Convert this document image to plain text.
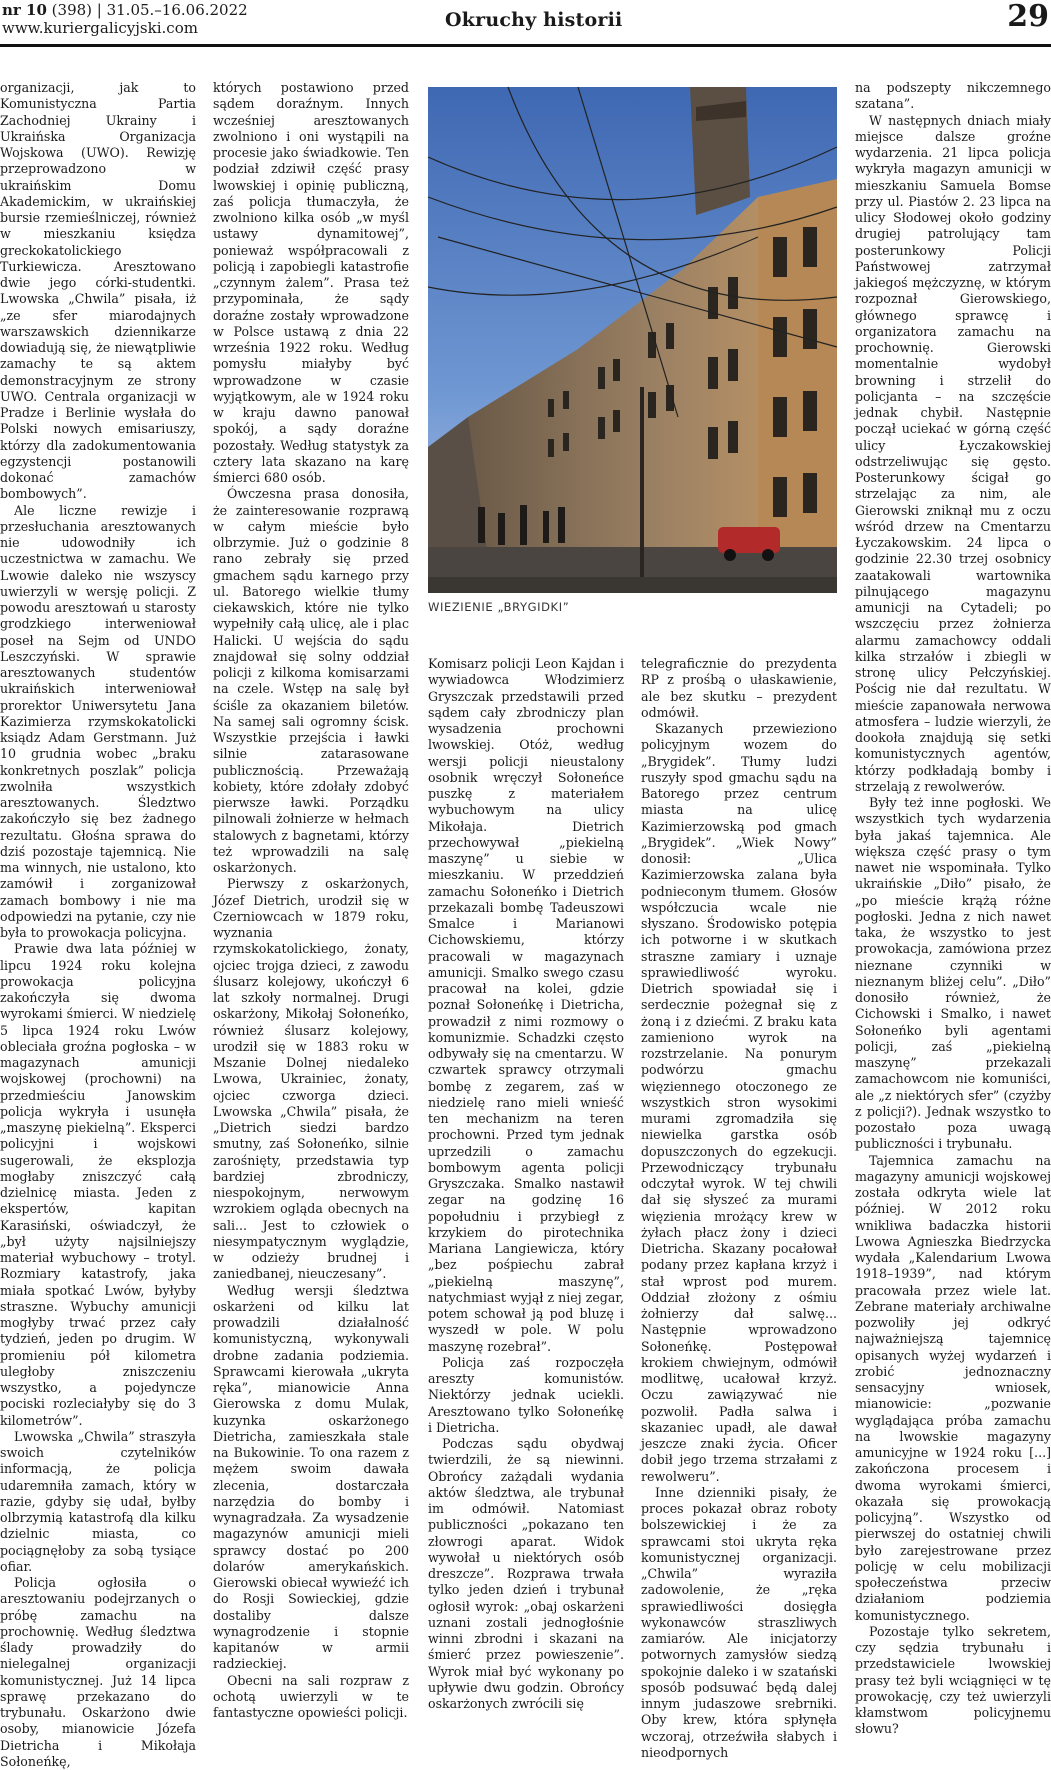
nr 10 (398) | 31.05.–16.06.2022
www.kuriergalicyjski.com	Okruchy historii	29

organizacji, jak to Komunistyczna Partia Zachodniej Ukrainy i Ukraińska Organizacja Wojskowa (UWO). Rewizję przeprowadzono w ukraińskim Domu Akademickim, w ukraińskiej bursie rzemieślniczej, również w mieszkaniu księdza greckokatolickiego Turkiewicza. Aresztowano dwie jego córki-studentki. Lwowska „Chwila” pisała, iż „ze sfer miarodajnych warszawskich dziennikarze dowiadują się, że niewątpliwie zamachy te są aktem demonstracyjnym ze strony UWO. Centrala organizacji w Pradze i Berlinie wysłała do Polski nowych emisariuszy, którzy dla zadokumentowania egzystencji postanowili dokonać zamachów bombowych”.

Ale liczne rewizje i przesłuchania aresztowanych nie udowodniły ich uczestnictwa w zamachu. We Lwowie daleko nie wszyscy uwierzyli w wersję policji. Z powodu aresztowań u starosty grodzkiego interweniował poseł na Sejm od UNDO Leszczyński. W sprawie aresztowanych studentów ukraińskich interweniował prorektor Uniwersytetu Jana Kazimierza rzymskokatolicki ksiądz Adam Gerstmann. Już 10 grudnia wobec „braku konkretnych poszlak” policja zwolniła wszystkich aresztowanych. Śledztwo zakończyło się bez żadnego rezultatu. Głośna sprawa do dziś pozostaje tajemnicą. Nie ma winnych, nie ustalono, kto zamówił i zorganizował zamach bombowy i nie ma odpowiedzi na pytanie, czy nie była to prowokacja policyjna.

Prawie dwa lata później w lipcu 1924 roku kolejna prowokacja policyjna zakończyła się dwoma wyrokami śmierci. W niedzielę 5 lipca 1924 roku Lwów obleciała groźna pogłoska – w magazynach amunicji wojskowej (prochowni) na przedmieściu Janowskim policja wykryła i usunęła „maszynę piekielną”. Eksperci policyjni i wojskowi sugerowali, że eksplozja mogłaby zniszczyć całą dzielnicę miasta. Jeden z ekspertów, kapitan Karasiński, oświadczył, że „był użyty najsilniejszy materiał wybuchowy – trotyl. Rozmiary katastrofy, jaka miała spotkać Lwów, byłyby straszne. Wybuchy amunicji mogłyby trwać przez cały tydzień, jeden po drugim. W promieniu pół kilometra uległoby zniszczeniu wszystko, a pojedyncze pociski rozleciałyby się do 3 kilometrów”.

Lwowska „Chwila” straszyła swoich czytelników informacją, że policja udaremniła zamach, który w razie, gdyby się udał, byłby olbrzymią katastrofą dla kilku dzielnic miasta, co pociągnęłoby za sobą tysiące ofiar.

Policja ogłosiła o aresztowaniu podejrzanych o próbę zamachu na prochownię. Według śledztwa ślady prowadziły do nielegalnej organizacji komunistycznej. Już 14 lipca sprawę przekazano do trybunału. Oskarżono dwie osoby, mianowicie Józefa Dietricha i Mikołaja Sołoneńkę,

których postawiono przed sądem doraźnym. Innych wcześniej aresztowanych zwolniono i oni wystąpili na procesie jako świadkowie. Ten podział zdziwił część prasy lwowskiej i opinię publiczną, zaś policja tłumaczyła, że zwolniono kilka osób „w myśl ustawy dynamitowej”, ponieważ współpracowali z policją i zapobiegli katastrofie „czynnym żalem”. Prasa też przypominała, że sądy doraźne zostały wprowadzone w Polsce ustawą z dnia 22 września 1922 roku. Według pomysłu miałyby być wprowadzone w czasie wyjątkowym, ale w 1924 roku w kraju dawno panował spokój, a sądy doraźne pozostały. Według statystyk za cztery lata skazano na karę śmierci 680 osób.

Ówczesna prasa donosiła, że zainteresowanie rozprawą w całym mieście było olbrzymie. Już o godzinie 8 rano zebrały się przed gmachem sądu karnego przy ul. Batorego wielkie tłumy ciekawskich, które nie tylko wypełniły całą ulicę, ale i plac Halicki. U wejścia do sądu znajdował się solny oddział policji z kilkoma komisarzami na czele. Wstęp na salę był ściśle za okazaniem biletów. Na samej sali ogromny ścisk. Wszystkie przejścia i ławki silnie zatarasowane publicznością. Przeważają kobiety, które zdołały zdobyć pierwsze ławki. Porządku pilnowali żołnierze w hełmach stalowych z bagnetami, którzy też wprowadzili na salę oskarżonych.

Pierwszy z oskarżonych, Józef Dietrich, urodził się w Czerniowcach w 1879 roku, wyznania rzymskokatolickiego, żonaty, ojciec trojga dzieci, z zawodu ślusarz kolejowy, ukończył 6 lat szkoły normalnej. Drugi oskarżony, Mikołaj Sołoneńko, również ślusarz kolejowy, urodził się w 1883 roku w Mszanie Dolnej niedaleko Lwowa, Ukrainiec, żonaty, ojciec czworga dzieci. Lwowska „Chwila” pisała, że „Dietrich siedzi bardzo smutny, zaś Sołoneńko, silnie zarośnięty, przedstawia typ bardziej zbrodniczy, niespokojnym, nerwowym wzrokiem ogląda obecnych na sali... Jest to człowiek o niesympatycznym wyglądzie, w odzieży brudnej i zaniedbanej, nieuczesany”.

Według wersji śledztwa oskarżeni od kilku lat prowadzili działalność komunistyczną, wykonywali drobne zadania podziemia. Sprawcami kierowała „ukryta ręka”, mianowicie Anna Gierowska z domu Mulak, kuzynka oskarżonego Dietricha, zamieszkała stale na Bukowinie. To ona razem z mężem swoim dawała zlecenia, dostarczała narzędzia do bomby i wynagradzała. Za wysadzenie magazynów amunicji mieli sprawcy dostać po 200 dolarów amerykańskich. Gierowski obiecał wywieźć ich do Rosji Sowieckiej, gdzie dostaliby dalsze wynagrodzenie i stopnie kapitanów w armii radzieckiej.

Obecni na sali rozpraw z ochotą uwierzyli w te fantastyczne opowieści policji.

WIEZIENIE „BRYGIDKI”

Komisarz policji Leon Kajdan i wywiadowca Włodzimierz Gryszczak przedstawili przed sądem cały zbrodniczy plan wysadzenia prochowni lwowskiej. Otóż, według wersji policji nieustalony osobnik wręczył Sołoneńce puszkę z materiałem wybuchowym na ulicy Mikołaja. Dietrich przechowywał „piekielną maszynę” u siebie w mieszkaniu. W przeddzień zamachu Sołoneńko i Dietrich przekazali bombę Tadeuszowi Smalce i Marianowi Cichowskiemu, którzy pracowali w magazynach amunicji. Smalko swego czasu pracował na kolei, gdzie poznał Sołoneńkę i Dietricha, prowadził z nimi rozmowy o komunizmie. Schadzki często odbywały się na cmentarzu. W czwartek sprawcy otrzymali bombę z zegarem, zaś w niedzielę rano mieli wnieść ten mechanizm na teren prochowni. Przed tym jednak uprzedzili o zamachu bombowym agenta policji Gryszczaka. Smalko nastawił zegar na godzinę 16 popołudniu i przybiegł z krzykiem do pirotechnika Mariana Langiewicza, który „bez pośpiechu zabrał „piekielną maszynę”, natychmiast wyjął z niej zegar, potem schował ją pod bluzę i wyszedł w pole. W polu maszynę rozebrał”.

Policja zaś rozpoczęła areszty komunistów. Niektórzy jednak uciekli. Aresztowano tylko Sołoneńkę i Dietricha.

Podczas sądu obydwaj twierdzili, że są niewinni. Obrońcy zażądali wydania aktów śledztwa, ale trybunał im odmówił. Natomiast publiczności „pokazano ten złowrogi aparat. Widok wywołał u niektórych osób dreszcze”. Rozprawa trwała tylko jeden dzień i trybunał ogłosił wyrok: „obaj oskarżeni uznani zostali jednogłośnie winni zbrodni i skazani na śmierć przez powieszenie”. Wyrok miał być wykonany po upływie dwu godzin. Obrońcy oskarżonych zwrócili się

telegraficznie do prezydenta RP z prośbą o ułaskawienie, ale bez skutku – prezydent odmówił.

Skazanych przewieziono policyjnym wozem do „Brygidek”. Tłumy ludzi ruszyły spod gmachu sądu na Batorego przez centrum miasta na ulicę Kazimierzowską pod gmach „Brygidek”. „Wiek Nowy” donosił: „Ulica Kazimierzowska zalana była podnieconym tłumem. Głosów współczucia wcale nie słyszano. Środowisko potępia ich potworne i w skutkach straszne zamiary i uznaje sprawiedliwość wyroku. Dietrich spowiadał się i serdecznie pożegnał się z żoną i z dziećmi. Z braku kata zamieniono wyrok na rozstrzelanie. Na ponurym podwórzu gmachu więziennego otoczonego ze wszystkich stron wysokimi murami zgromadziła się niewielka garstka osób dopuszczonych do egzekucji. Przewodniczący trybunału odczytał wyrok. W tej chwili dał się słyszeć za murami więzienia mrożący krew w żyłach płacz żony i dzieci Dietricha. Skazany pocałował podany przez kapłana krzyż i stał wprost pod murem. Oddział złożony z ośmiu żołnierzy dał salwę... Następnie wprowadzono Sołoneńkę. Postępował krokiem chwiejnym, odmówił modlitwę, ucałował krzyż. Oczu zawiązywać nie pozwolił. Padła salwa i skazaniec upadł, ale dawał jeszcze znaki życia. Oficer dobił jego trzema strzałami z rewolweru”.

Inne dzienniki pisały, że proces pokazał obraz roboty bolszewickiej i że za sprawcami stoi ukryta ręka komunistycznej organizacji. „Chwila” wyraziła zadowolenie, że „ręka sprawiedliwości dosięgła wykonawców straszliwych zamiarów. Ale inicjatorzy potwornych zamysłów siedzą spokojnie daleko i w szatański sposób podsuwać będą dalej innym judaszowe srebrniki. Oby krew, która spłynęła wczoraj, otrzeźwiła słabych i nieodpornych

na podszepty nikczemnego szatana”.

W następnych dniach miały miejsce dalsze groźne wydarzenia. 21 lipca policja wykryła magazyn amunicji w mieszkaniu Samuela Bomse przy ul. Piastów 2. 23 lipca na ulicy Słodowej około godziny drugiej patrolujący tam posterunkowy Policji Państwowej zatrzymał jakiegoś mężczyznę, w którym rozpoznał Gierowskiego, głównego sprawcę i organizatora zamachu na prochownię. Gierowski momentalnie wydobył browning i strzelił do policjanta – na szczęście jednak chybił. Następnie począł uciekać w górną część ulicy Łyczakowskiej odstrzeliwując się gęsto. Posterunkowy ścigał go strzelając za nim, ale Gierowski zniknął mu z oczu wśród drzew na Cmentarzu Łyczakowskim. 24 lipca o godzinie 22.30 trzej osobnicy zaatakowali wartownika pilnującego magazynu amunicji na Cytadeli; po wszczęciu przez żołnierza alarmu zamachowcy oddali kilka strzałów i zbiegli w stronę ulicy Pełczyńskiej. Pościg nie dał rezultatu. W mieście zapanowała nerwowa atmosfera – ludzie wierzyli, że dookoła znajdują się setki komunistycznych agentów, którzy podkładają bomby i strzelają z rewolwerów.

Były też inne pogłoski. We wszystkich tych wydarzenia była jakaś tajemnica. Ale większa część prasy o tym nawet nie wspominała. Tylko ukraińskie „Diło” pisało, że „po mieście krążą różne pogłoski. Jedna z nich nawet taka, że wszystko to jest prowokacja, zamówiona przez nieznane czynniki w nieznanym bliżej celu”. „Diło” donosiło również, że Cichowski i Smalko, i nawet Sołoneńko byli agentami policji, zaś „piekielną maszynę” przekazali zamachowcom nie komuniści, ale „z niektórych sfer” (czyżby z policji?). Jednak wszystko to pozostało poza uwagą publiczności i trybunału.

Tajemnica zamachu na magazyny amunicji wojskowej została odkryta wiele lat później. W 2012 roku wnikliwa badaczka historii Lwowa Agnieszka Biedrzycka wydała „Kalendarium Lwowa 1918–1939”, nad którym pracowała przez wiele lat. Zebrane materiały archiwalne pozwoliły jej odkryć najważniejszą tajemnicę opisanych wyżej wydarzeń i zrobić jednoznaczny sensacyjny wniosek, mianowicie: „pozwanie wyglądająca próba zamachu na lwowskie magazyny amunicyjne w 1924 roku [...] zakończona procesem i dwoma wyrokami śmierci, okazała się prowokacją policyjną”. Wszystko od pierwszej do ostatniej chwili było zarejestrowane przez policję w celu mobilizacji społeczeństwa przeciw działaniom podziemia komunistycznego.

Pozostaje tylko sekretem, czy sędzia trybunału i przedstawiciele lwowskiej prasy też byli wciągnięci w tę prowokację, czy też uwierzyli kłamstwom policyjnemu słowu?
